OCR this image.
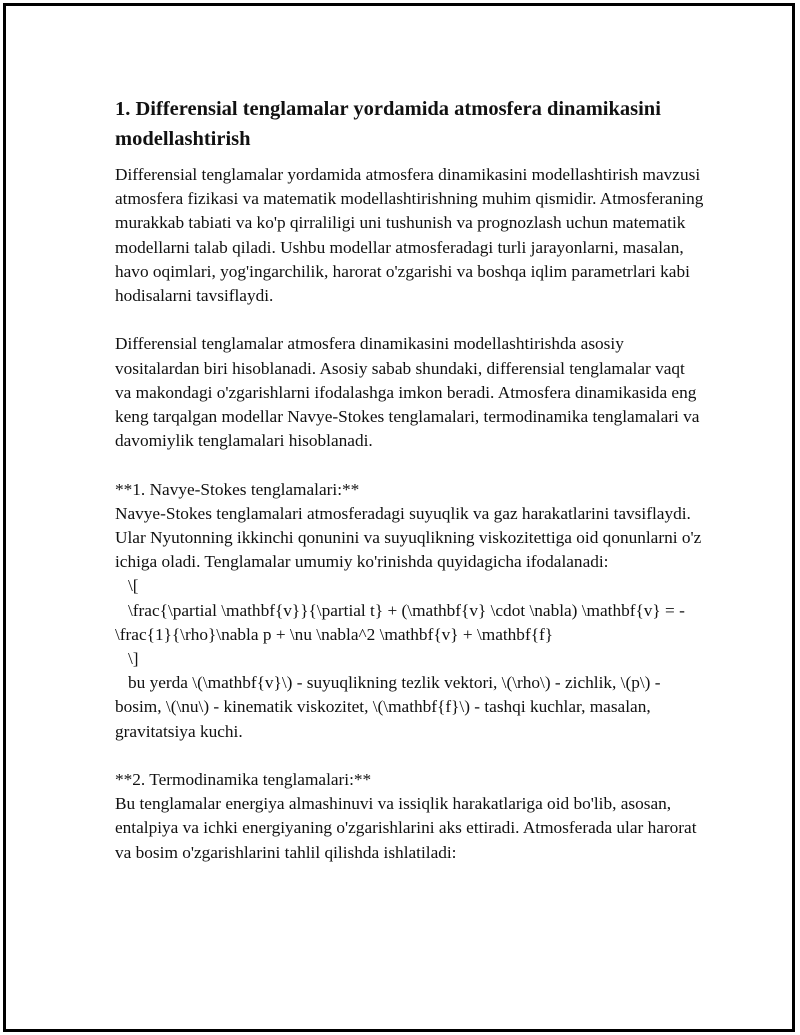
1. Differensial tenglamalar yordamida atmosfera dinamikasini modellashtirish

Differensial tenglamalar yordamida atmosfera dinamikasini modellashtirish mavzusi atmosfera fizikasi va matematik modellashtirishning muhim qismidir. Atmosferaning murakkab tabiati va ko'p qirraliligi uni tushunish va prognozlash uchun matematik modellarni talab qiladi. Ushbu modellar atmosferadagi turli jarayonlarni, masalan, havo oqimlari, yog'ingarchilik, harorat o'zgarishi va boshqa iqlim parametrlari kabi hodisalarni tavsiflaydi.

Differensial tenglamalar atmosfera dinamikasini modellashtirishda asosiy vositalardan biri hisoblanadi. Asosiy sabab shundaki, differensial tenglamalar vaqt va makondagi o'zgarishlarni ifodalashga imkon beradi. Atmosfera dinamikasida eng keng tarqalgan modellar Navye-Stokes tenglamalari, termodinamika tenglamalari va davomiylik tenglamalari hisoblanadi.

**1. Navye-Stokes tenglamalari:**
Navye-Stokes tenglamalari atmosferadagi suyuqlik va gaz harakatlarini tavsiflaydi. Ular Nyutonning ikkinchi qonunini va suyuqlikning viskozitettiga oid qonunlarni o'z ichiga oladi. Tenglamalar umumiy ko'rinishda quyidagicha ifodalanadi:
\[
\frac{\partial \mathbf{v}}{\partial t} + (\mathbf{v} \cdot \nabla) \mathbf{v} = -\frac{1}{\rho}\nabla p + \nu \nabla^2 \mathbf{v} + \mathbf{f}
\]
bu yerda \(\mathbf{v}\) - suyuqlikning tezlik vektori, \(\rho\) - zichlik, \(p\) - bosim, \(\nu\) - kinematik viskozitet, \(\mathbf{f}\) - tashqi kuchlar, masalan, gravitatsiya kuchi.
**2. Termodinamika tenglamalari:**
Bu tenglamalar energiya almashinuvi va issiqlik harakatlariga oid bo'lib, asosan, entalpiya va ichki energiyaning o'zgarishlarini aks ettiradi. Atmosferada ular harorat va bosim o'zgarishlarini tahlil qilishda ishlatiladi:
